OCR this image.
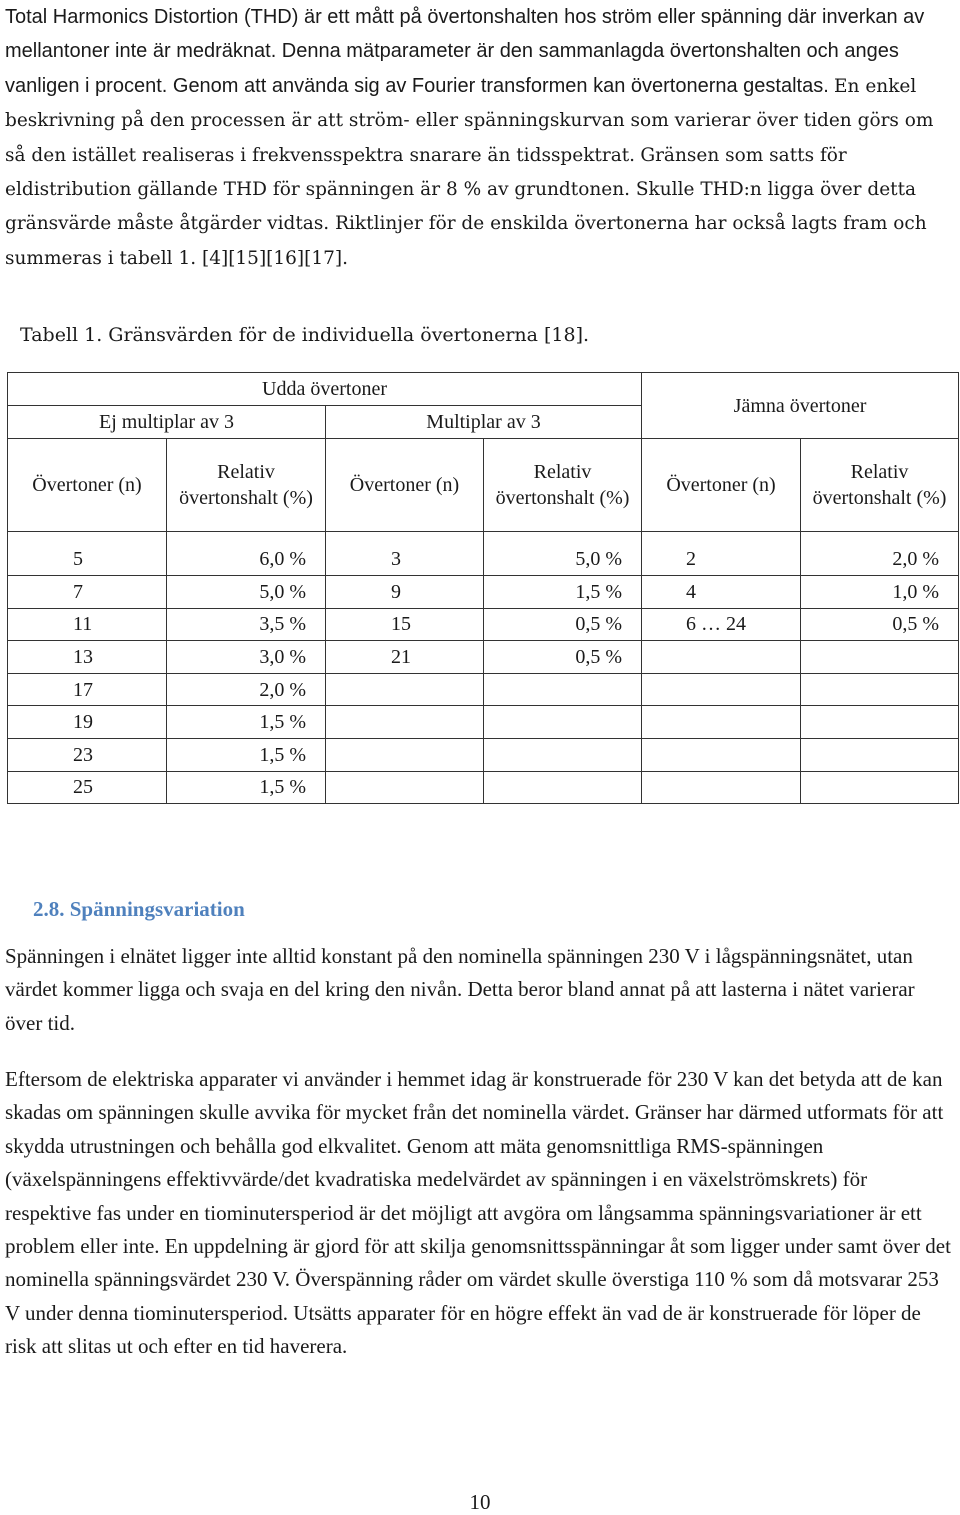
Total Harmonics Distortion (THD) är ett mått på övertonshalten hos ström eller spänning där inverkan av mellantoner inte är medräknat. Denna mätparameter är den sammanlagda övertonshalten och anges vanligen i procent. Genom att använda sig av Fourier transformen kan övertonerna gestaltas. En enkel beskrivning på den processen är att ström- eller spänningskurvan som varierar över tiden görs om så den istället realiseras i frekvensspektra snarare än tidsspektrat. Gränsen som satts för eldistribution gällande THD för spänningen är 8 % av grundtonen. Skulle THD:n ligga över detta gränsvärde måste åtgärder vidtas. Riktlinjer för de enskilda övertonerna har också lagts fram och summeras i tabell 1. [4][15][16][17].
Tabell 1. Gränsvärden för de individuella övertonerna [18].
Udda övertoner				Jämna övertoner	
Ej multiplar av 3		Multiplar av 3			
Övertoner (n)	Relativ övertonshalt (%)	Övertoner (n)	Relativ övertonshalt (%)	Övertoner (n)	Relativ övertonshalt (%)
5	6,0 %	3	5,0 %	2	2,0 %
7	5,0 %	9	1,5 %	4	1,0 %
11	3,5 %	15	0,5 %	6 … 24	0,5 %
13	3,0 %	21	0,5 %		
17	2,0 %				
19	1,5 %				
23	1,5 %				
25	1,5 %				
2.8. Spänningsvariation
Spänningen i elnätet ligger inte alltid konstant på den nominella spänningen 230 V i lågspänningsnätet, utan värdet kommer ligga och svaja en del kring den nivån. Detta beror bland annat på att lasterna i nätet varierar över tid.
Eftersom de elektriska apparater vi använder i hemmet idag är konstruerade för 230 V kan det betyda att de kan skadas om spänningen skulle avvika för mycket från det nominella värdet. Gränser har därmed utformats för att skydda utrustningen och behålla god elkvalitet. Genom att mäta genomsnittliga RMS-spänningen (växelspänningens effektivvärde/det kvadratiska medelvärdet av spänningen i en växelströmskrets) för respektive fas under en tiominutersperiod är det möjligt att avgöra om långsamma spänningsvariationer är ett problem eller inte. En uppdelning är gjord för att skilja genomsnittsspänningar åt som ligger under samt över det nominella spänningsvärdet 230 V. Överspänning råder om värdet skulle överstiga 110 % som då motsvarar 253 V under denna tiominutersperiod. Utsätts apparater för en högre effekt än vad de är konstruerade för löper de risk att slitas ut och efter en tid haverera.
10
